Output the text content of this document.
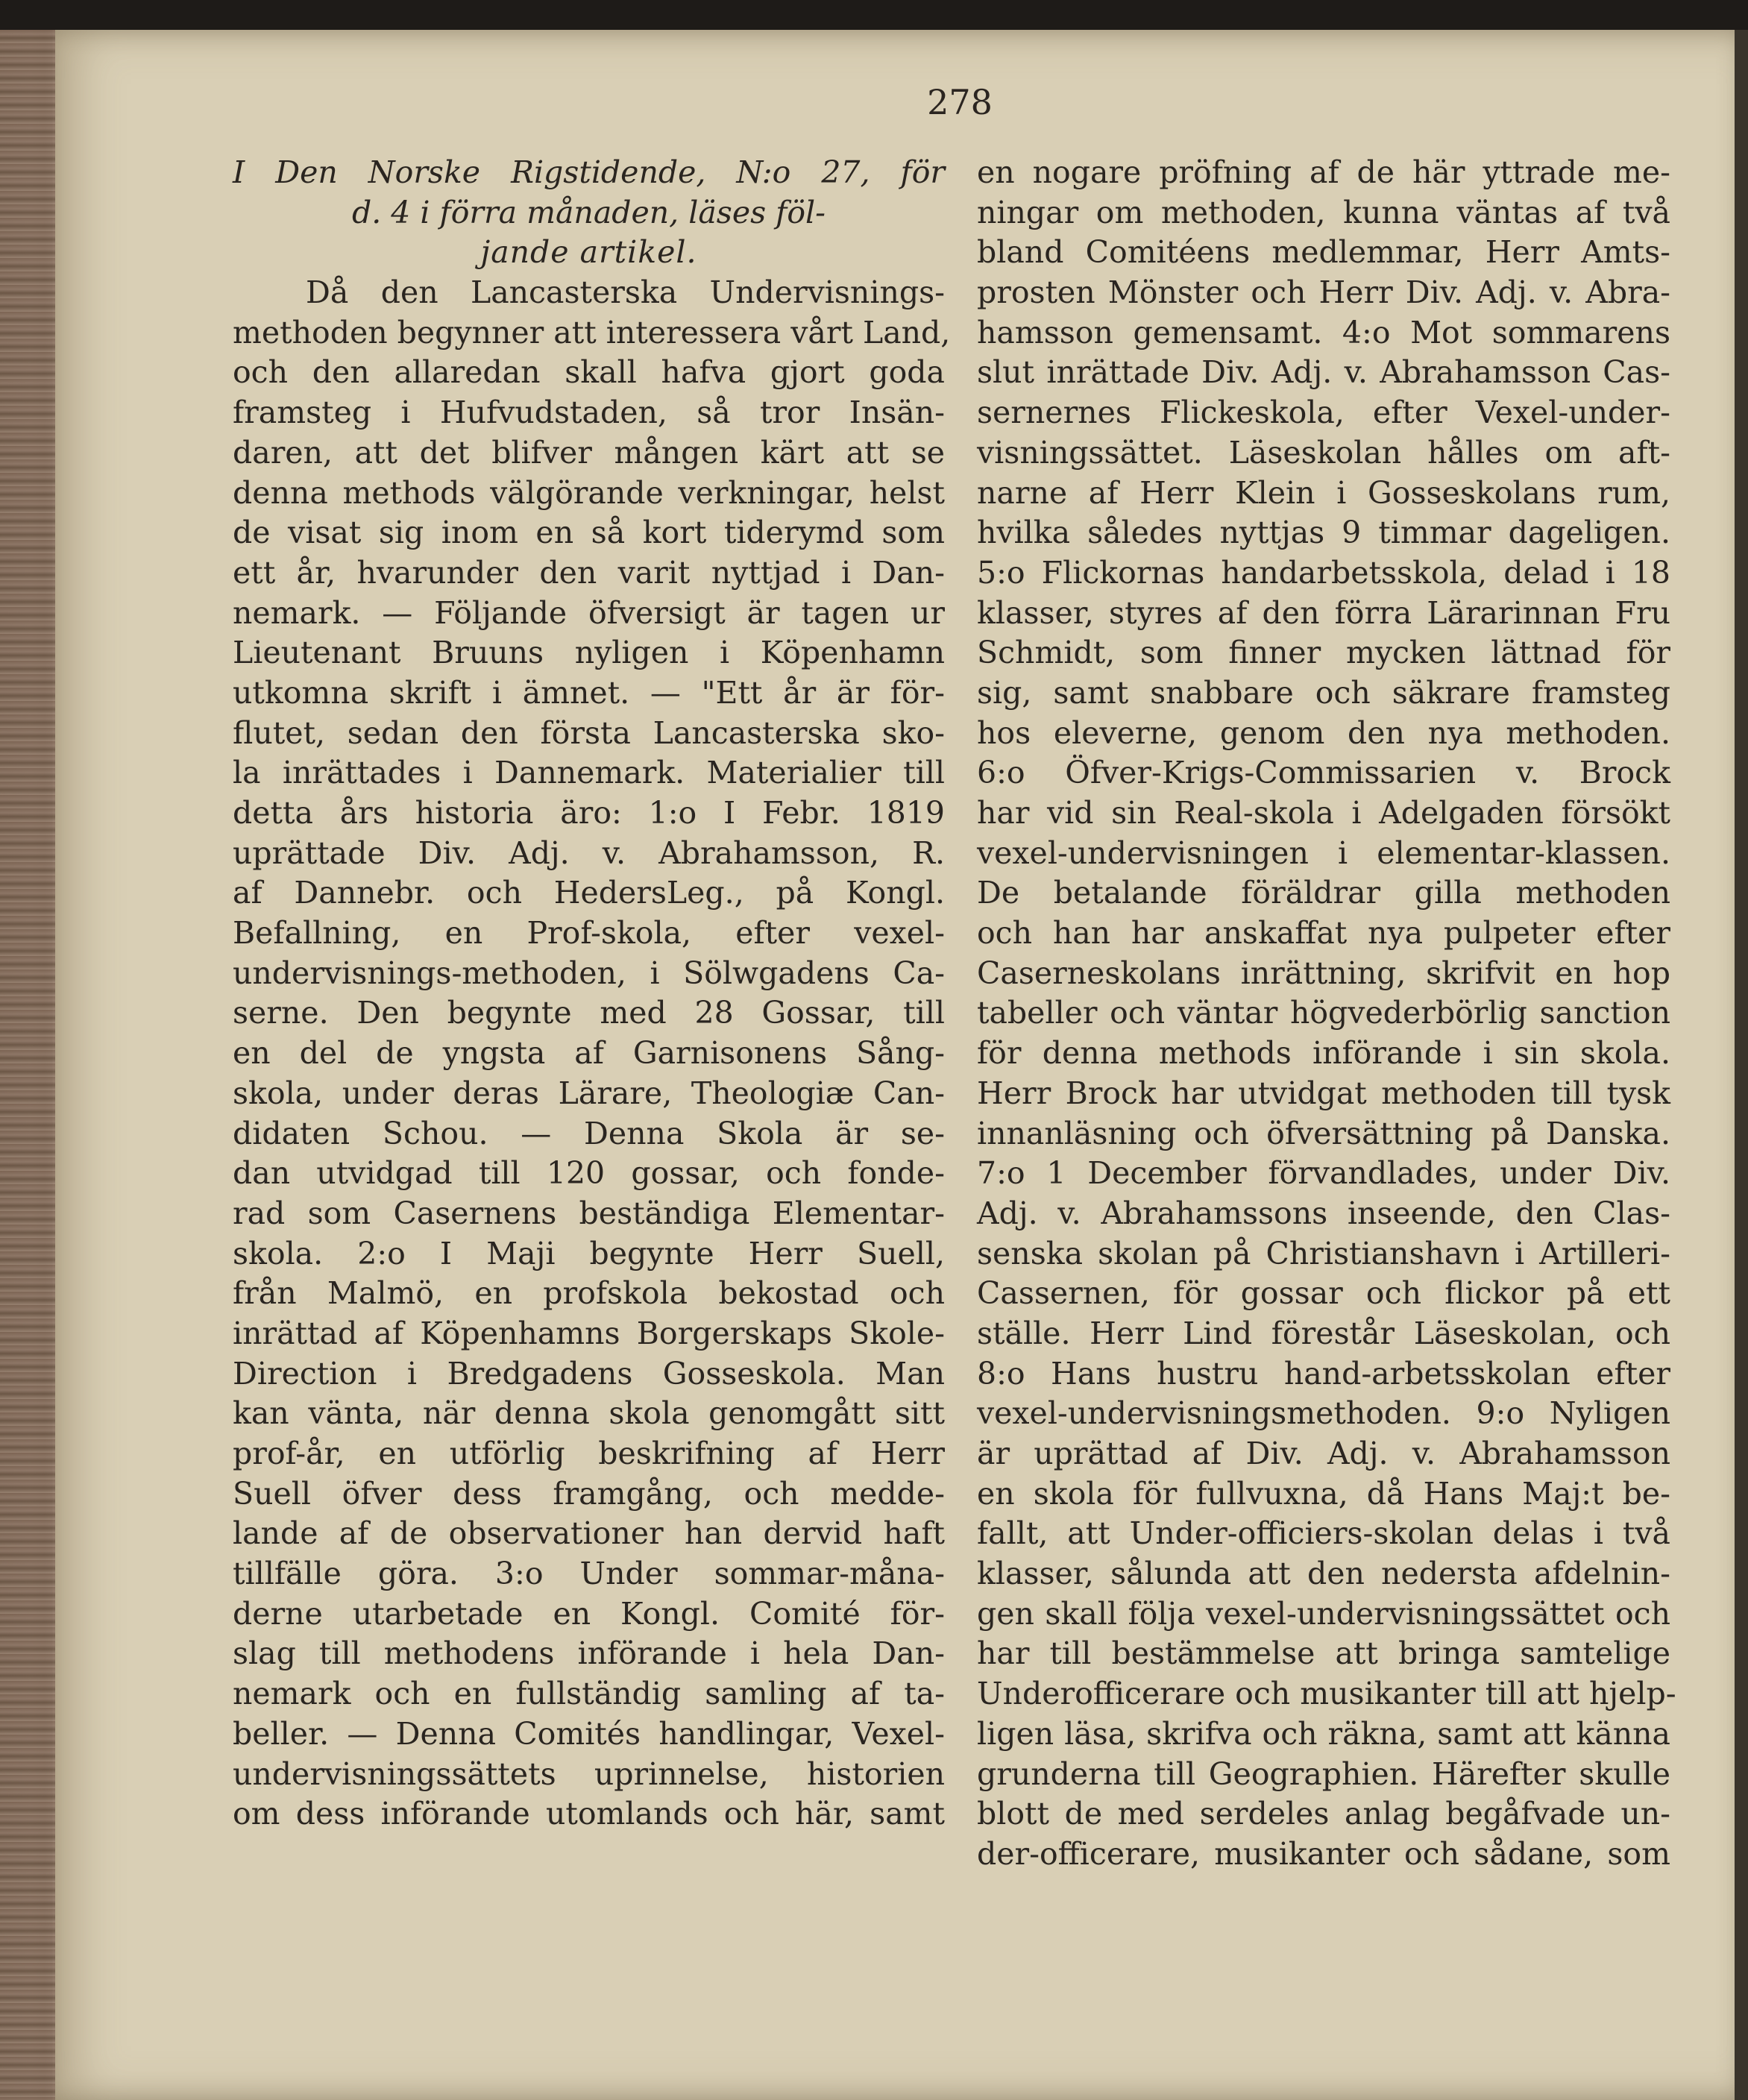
278
I Den Norske Rigstidende, N:o 27, för
d. 4 i förra månaden, läses föl-
jande artikel.
Då den Lancasterska Undervisnings-
methoden begynner att interessera vårt Land,
och den allaredan skall hafva gjort goda
framsteg i Hufvudstaden, så tror Insän-
daren, att det blifver mången kärt att se
denna methods välgörande verkningar, helst
de visat sig inom en så kort tiderymd som
ett år, hvarunder den varit nyttjad i Dan-
nemark. — Följande öfversigt är tagen ur
Lieutenant Bruuns nyligen i Köpenhamn
utkomna skrift i ämnet. — "Ett år är för-
flutet, sedan den första Lancasterska sko-
la inrättades i Dannemark. Materialier till
detta års historia äro: 1:o I Febr. 1819
uprättade Div. Adj. v. Abrahamsson, R.
af Dannebr. och HedersLeg., på Kongl.
Befallning, en Prof-skola, efter vexel-
undervisnings-methoden, i Sölwgadens Ca-
serne. Den begynte med 28 Gossar, till
en del de yngsta af Garnisonens Sång-
skola, under deras Lärare, Theologiæ Can-
didaten Schou. — Denna Skola är se-
dan utvidgad till 120 gossar, och fonde-
rad som Casernens beständiga Elementar-
skola. 2:o I Maji begynte Herr Suell,
från Malmö, en profskola bekostad och
inrättad af Köpenhamns Borgerskaps Skole-
Direction i Bredgadens Gosseskola. Man
kan vänta, när denna skola genomgått sitt
prof-år, en utförlig beskrifning af Herr
Suell öfver dess framgång, och medde-
lande af de observationer han dervid haft
tillfälle göra. 3:o Under sommar-måna-
derne utarbetade en Kongl. Comité för-
slag till methodens införande i hela Dan-
nemark och en fullständig samling af ta-
beller. — Denna Comités handlingar, Vexel-
undervisningssättets uprinnelse, historien
om dess införande utomlands och här, samt
en nogare pröfning af de här yttrade me-
ningar om methoden, kunna väntas af två
bland Comitéens medlemmar, Herr Amts-
prosten Mönster och Herr Div. Adj. v. Abra-
hamsson gemensamt. 4:o Mot sommarens
slut inrättade Div. Adj. v. Abrahamsson Cas-
sernernes Flickeskola, efter Vexel-under-
visningssättet. Läseskolan hålles om aft-
narne af Herr Klein i Gosseskolans rum,
hvilka således nyttjas 9 timmar dageligen.
5:o Flickornas handarbetsskola, delad i 18
klasser, styres af den förra Lärarinnan Fru
Schmidt, som finner mycken lättnad för
sig, samt snabbare och säkrare framsteg
hos eleverne, genom den nya methoden.
6:o Öfver-Krigs-Commissarien v. Brock
har vid sin Real-skola i Adelgaden försökt
vexel-undervisningen i elementar-klassen.
De betalande föräldrar gilla methoden
och han har anskaffat nya pulpeter efter
Caserneskolans inrättning, skrifvit en hop
tabeller och väntar högvederbörlig sanction
för denna methods införande i sin skola.
Herr Brock har utvidgat methoden till tysk
innanläsning och öfversättning på Danska.
7:o 1 December förvandlades, under Div.
Adj. v. Abrahamssons inseende, den Clas-
senska skolan på Christianshavn i Artilleri-
Cassernen, för gossar och flickor på ett
ställe. Herr Lind förestår Läseskolan, och
8:o Hans hustru hand-arbetsskolan efter
vexel-undervisningsmethoden. 9:o Nyligen
är uprättad af Div. Adj. v. Abrahamsson
en skola för fullvuxna, då Hans Maj:t be-
fallt, att Under-officiers-skolan delas i två
klasser, sålunda att den nedersta afdelnin-
gen skall följa vexel-undervisningssättet och
har till bestämmelse att bringa samtelige
Underofficerare och musikanter till att hjelp-
ligen läsa, skrifva och räkna, samt att känna
grunderna till Geographien. Härefter skulle
blott de med serdeles anlag begåfvade un-
der-officerare, musikanter och sådane, som
